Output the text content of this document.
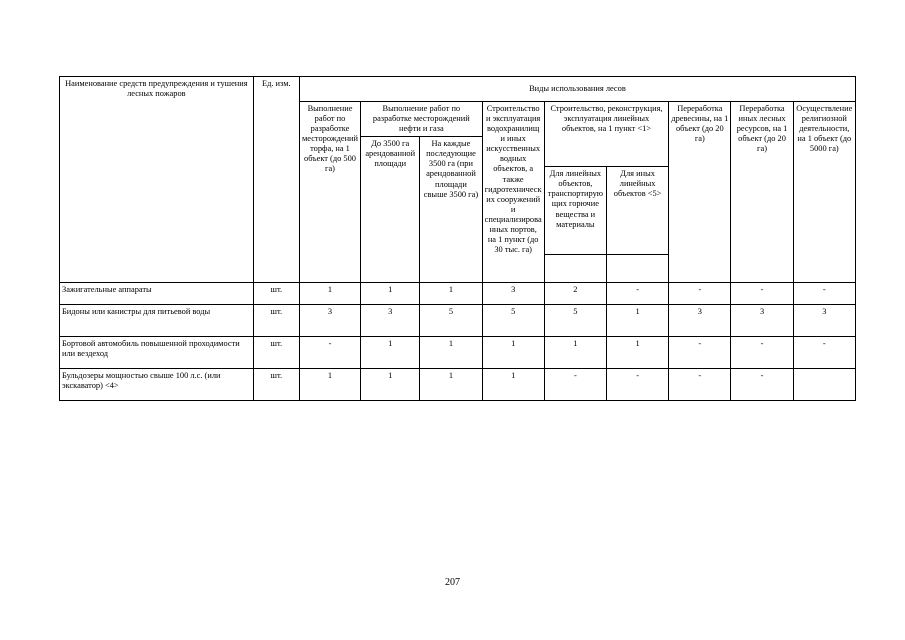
Наименование средств предупреждения и тушения лесных пожаров	Ед. изм.	Виды использования лесов								
		Выполнение работ по разработке месторождений торфа, на 1 объект (до 500 га)	Выполнение работ по разработке месторождений нефти и газа		Строительство и эксплуатация водохранилищ и иных искусственных водных объектов, а также гидротехнических сооружений и специализированных портов, на 1 пункт (до 30 тыс. га)	Строительство, реконструкция, эксплуатация линейных объектов, на 1 пункт <1>		Переработка древесины, на 1 объект (до 20 га)	Переработка иных лесных ресурсов, на 1 объект (до 20 га)	Осуществление религиозной деятельности, на 1 объект (до 5000 га)
			До 3500 га арендованной площади	На каждые последующие 3500 га (при арендованной площади свыше 3500 га)						
						Для линейных объектов, транспортирующих горючие вещества и материалы	Для иных линейных объектов <5>			

Зажигательные аппараты	шт.	1	1	1	3	2	-	-	-	-
Бидоны или канистры для питьевой воды	шт.	3	3	5	5	5	1	3	3	3
Бортовой автомобиль повышенной проходимости или вездеход	шт.	-	1	1	1	1	1	-	-	-
Бульдозеры мощностью свыше 100 л.с. (или экскаватор) <4>	шт.	1	1	1	1	-	-	-	-	
207
